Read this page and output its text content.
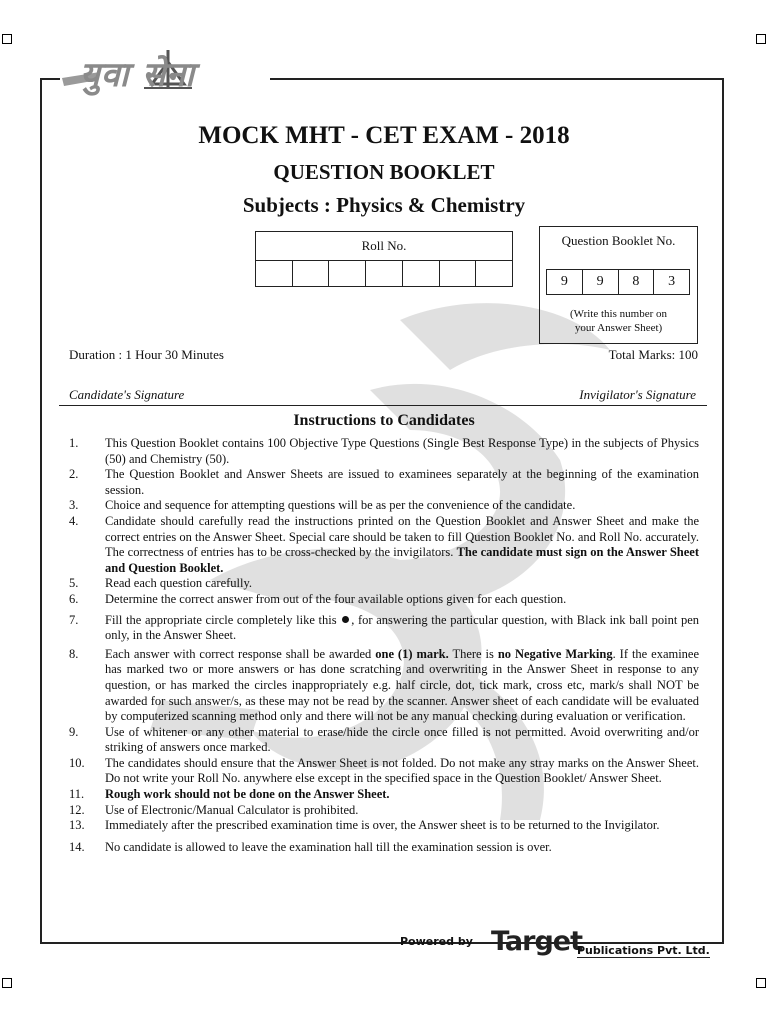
युवा सेना
MOCK MHT - CET EXAM - 2018
QUESTION BOOKLET
Subjects : Physics & Chemistry
Roll No.	Question Booklet No.
9	9	8	3
(Write this number on
your Answer Sheet)
Duration : 1 Hour 30 Minutes	Total Marks: 100
Candidate's Signature	Invigilator's Signature
Instructions to Candidates
1.	This Question Booklet contains 100 Objective Type Questions (Single Best Response Type) in the subjects of Physics (50) and Chemistry (50).
2.	The Question Booklet and Answer Sheets are issued to examinees separately at the beginning of the examination session.
3.	Choice and sequence for attempting questions will be as per the convenience of the candidate.
4.	Candidate should carefully read the instructions printed on the Question Booklet and Answer Sheet and make the correct entries on the Answer Sheet. Special care should be taken to fill Question Booklet No. and Roll No. accurately. The correctness of entries has to be cross-checked by the invigilators. The candidate must sign on the Answer Sheet and Question Booklet.
5.	Read each question carefully.
6.	Determine the correct answer from out of the four available options given for each question.
7.	Fill the appropriate circle completely like this , for answering the particular question, with Black ink ball point pen only, in the Answer Sheet.
8.	Each answer with correct response shall be awarded one (1) mark. There is no Negative Marking. If the examinee has marked two or more answers or has done scratching and overwriting in the Answer Sheet in response to any question, or has marked the circles inappropriately e.g. half circle, dot, tick mark, cross etc, mark/s shall NOT be awarded for such answer/s, as these may not be read by the scanner. Answer sheet of each candidate will be evaluated by computerized scanning method only and there will not be any manual checking during evaluation or verification.
9.	Use of whitener or any other material to erase/hide the circle once filled is not permitted. Avoid overwriting and/or striking of answers once marked.
10.	The candidates should ensure that the Answer Sheet is not folded. Do not make any stray marks on the Answer Sheet. Do not write your Roll No. anywhere else except in the specified space in the Question Booklet/ Answer Sheet.
11.	Rough work should not be done on the Answer Sheet.
12.	Use of Electronic/Manual Calculator is prohibited.
13.	Immediately after the prescribed examination time is over, the Answer sheet is to be returned to the Invigilator.
14.	No candidate is allowed to leave the examination hall till the examination session is over.
Powered by Target
Publications Pvt. Ltd.
